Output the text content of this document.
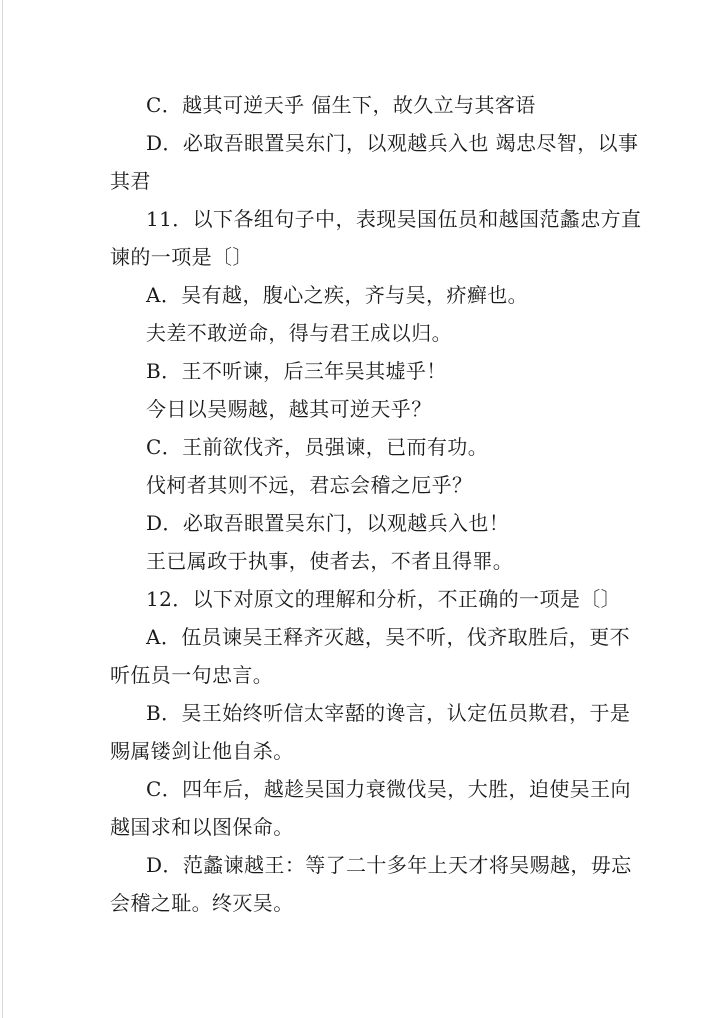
C．越其可逆天乎 偪生下，故久立与其客语
D．必取吾眼置吴东门，以观越兵入也 竭忠尽智，以事
其君
11．以下各组句子中，表现吴国伍员和越国范蠡忠方直
谏的一项是〔〕
A．吴有越，腹心之疾，齐与吴，疥癣也。
夫差不敢逆命，得与君王成以归。
B．王不听谏，后三年吴其墟乎！
今日以吴赐越，越其可逆天乎？
C．王前欲伐齐，员强谏，已而有功。
伐柯者其则不远，君忘会稽之厄乎？
D．必取吾眼置吴东门，以观越兵入也！
王已属政于执事，使者去，不者且得罪。
12．以下对原文的理解和分析，不正确的一项是〔〕
A．伍员谏吴王释齐灭越，吴不听，伐齐取胜后，更不
听伍员一句忠言。
B．吴王始终听信太宰嚭的谗言，认定伍员欺君，于是
赐属镂剑让他自杀。
C．四年后，越趁吴国力衰微伐吴，大胜，迫使吴王向
越国求和以图保命。
D．范蠡谏越王：等了二十多年上天才将吴赐越，毋忘
会稽之耻。终灭吴。
